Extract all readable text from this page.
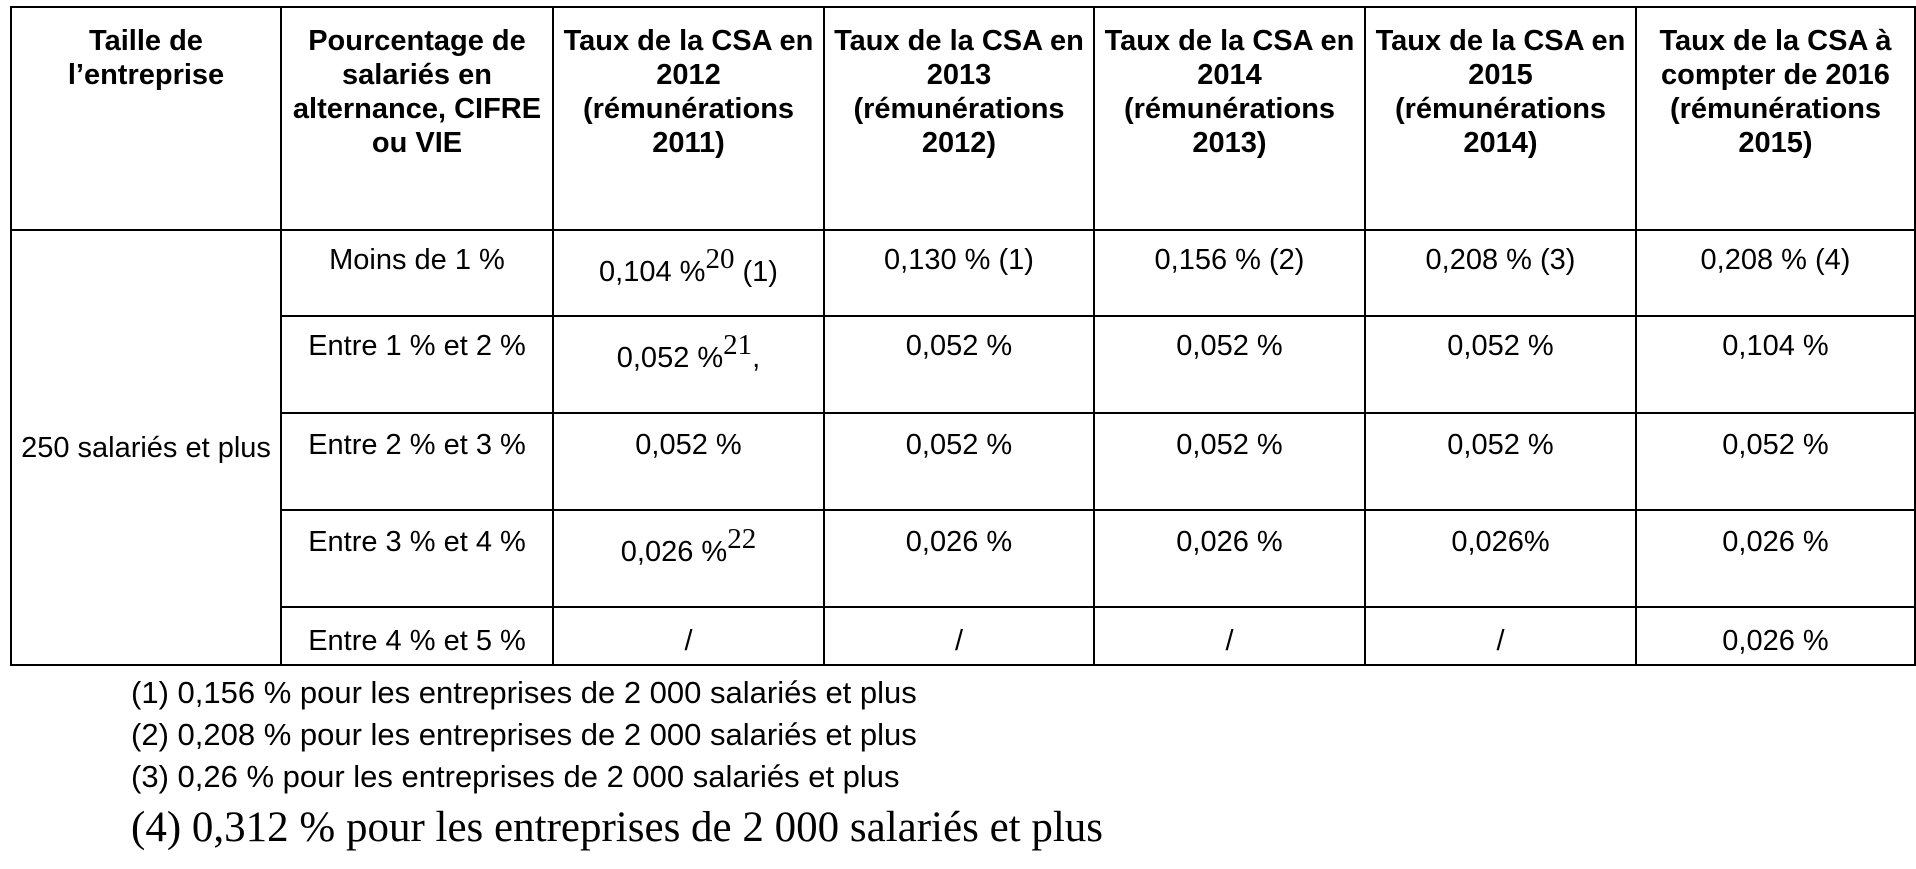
Taille de l’entreprise	Pourcentage de salariés en alternance, CIFRE ou VIE	Taux de la CSA en 2012 (rémunérations 2011)	Taux de la CSA en 2013 (rémunérations 2012)	Taux de la CSA en 2014 (rémunérations 2013)	Taux de la CSA en 2015 (rémunérations 2014)	Taux de la CSA à compter de 2016 (rémunérations 2015)
250 salariés et plus	Moins de 1 %	0,104 %$^{20}$ (1)	0,130 % (1)	0,156 % (2)	0,208 % (3)	0,208 % (4)
	Entre 1 % et 2 %	0,052 %$^{21}$,	0,052 %	0,052 %	0,052 %	0,104 %
	Entre 2 % et 3 %	0,052 %	0,052 %	0,052 %	0,052 %	0,052 %
	Entre 3 % et 4 %	0,026 %$^{22}$	0,026 %	0,026 %	0,026%	0,026 %
	Entre 4 % et 5 %	/	/	/	/	0,026 %
(1) 0,156 % pour les entreprises de 2 000 salariés et plus
(2) 0,208 % pour les entreprises de 2 000 salariés et plus
(3) 0,26 % pour les entreprises de 2 000 salariés et plus
(4) 0,312 % pour les entreprises de 2 000 salariés et plus
